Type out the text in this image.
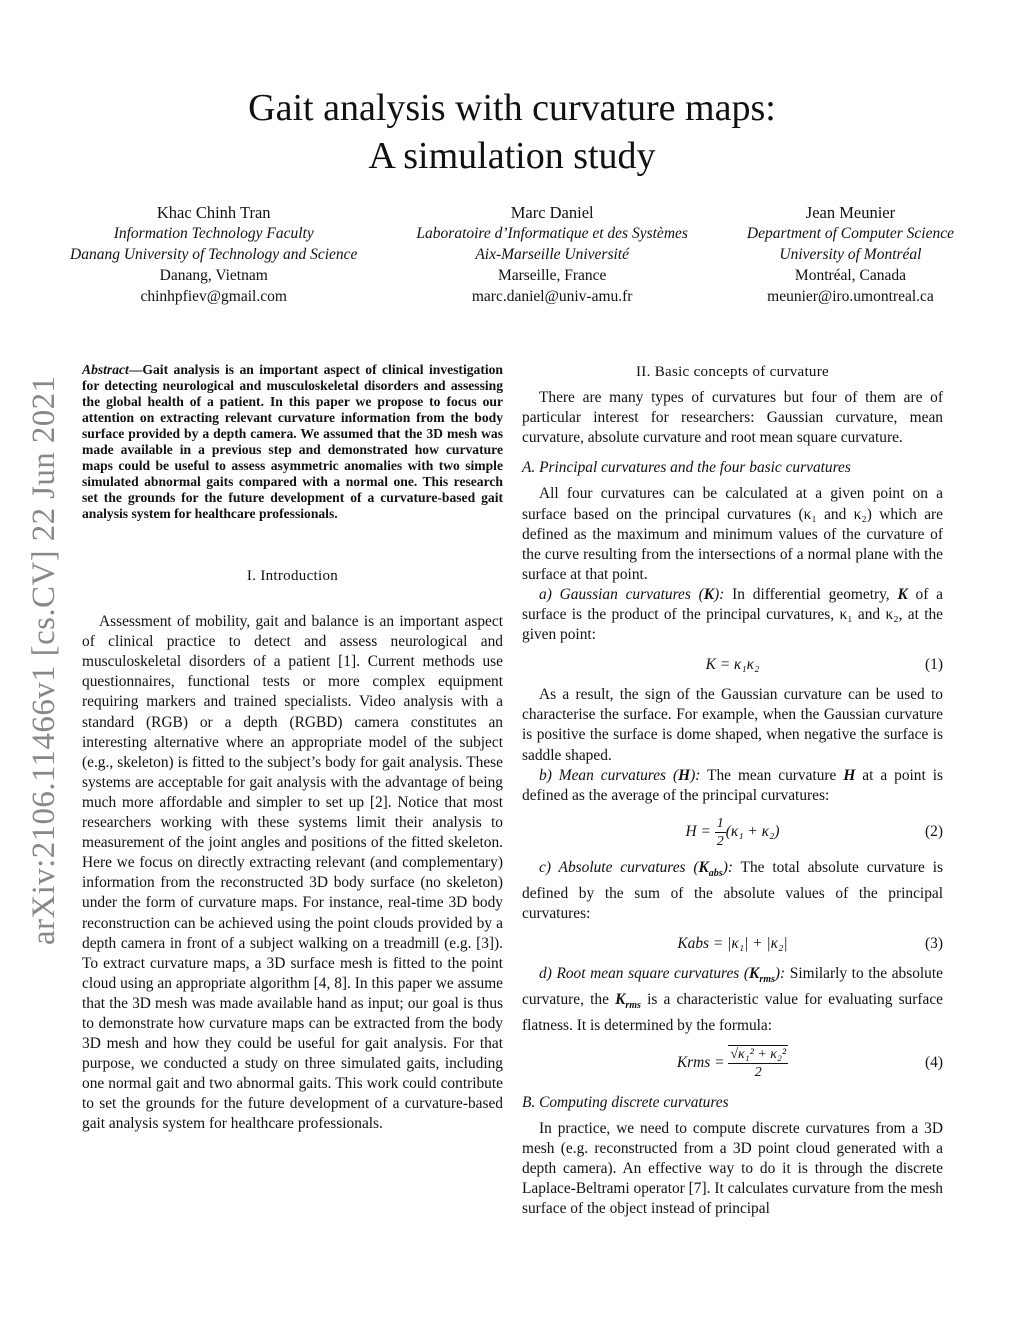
Gait analysis with curvature maps:
A simulation study
Khac Chinh Tran
Information Technology Faculty
Danang University of Technology and Science
Danang, Vietnam
chinhpfiev@gmail.com
Marc Daniel
Laboratoire d’Informatique et des Systèmes
Aix-Marseille Université
Marseille, France
marc.daniel@univ-amu.fr
Jean Meunier
Department of Computer Science
University of Montréal
Montréal, Canada
meunier@iro.umontreal.ca
arXiv:2106.11466v1 [cs.CV] 22 Jun 2021

Abstract—Gait analysis is an important aspect of clinical investigation for detecting neurological and musculoskeletal disorders and assessing the global health of a patient. In this paper we propose to focus our attention on extracting relevant curvature information from the body surface provided by a depth camera. We assumed that the 3D mesh was made available in a previous step and demonstrated how curvature maps could be useful to assess asymmetric anomalies with two simple simulated abnormal gaits compared with a normal one. This research set the grounds for the future development of a curvature-based gait analysis system for healthcare professionals.

I. Introduction

Assessment of mobility, gait and balance is an important aspect of clinical practice to detect and assess neurological and musculoskeletal disorders of a patient [1]. Current methods use questionnaires, functional tests or more complex equipment requiring markers and trained specialists. Video analysis with a standard (RGB) or a depth (RGBD) camera constitutes an interesting alternative where an appropriate model of the subject (e.g., skeleton) is fitted to the subject’s body for gait analysis. These systems are acceptable for gait analysis with the advantage of being much more affordable and simpler to set up [2]. Notice that most researchers working with these systems limit their analysis to measurement of the joint angles and positions of the fitted skeleton. Here we focus on directly extracting relevant (and complementary) information from the reconstructed 3D body surface (no skeleton) under the form of curvature maps. For instance, real-time 3D body reconstruction can be achieved using the point clouds provided by a depth camera in front of a subject walking on a treadmill (e.g. [3]). To extract curvature maps, a 3D surface mesh is fitted to the point cloud using an appropriate algorithm [4, 8]. In this paper we assume that the 3D mesh was made available hand as input; our goal is thus to demonstrate how curvature maps can be extracted from the body 3D mesh and how they could be useful for gait analysis. For that purpose, we conducted a study on three simulated gaits, including one normal gait and two abnormal gaits. This work could contribute to set the grounds for the future development of a curvature-based gait analysis system for healthcare professionals.

II. Basic concepts of curvature

There are many types of curvatures but four of them are of particular interest for researchers: Gaussian curvature, mean curvature, absolute curvature and root mean square curvature.

A. Principal curvatures and the four basic curvatures

All four curvatures can be calculated at a given point on a surface based on the principal curvatures (κ₁ and κ₂) which are defined as the maximum and minimum values of the curvature of the curve resulting from the intersections of a normal plane with the surface at that point.

a) Gaussian curvatures (K): In differential geometry, K of a surface is the product of the principal curvatures, κ₁ and κ₂, at the given point:

K = κ₁κ₂	(1)

As a result, the sign of the Gaussian curvature can be used to characterise the surface. For example, when the Gaussian curvature is positive the surface is dome shaped, when negative the surface is saddle shaped.

b) Mean curvatures (H): The mean curvature H at a point is defined as the average of the principal curvatures:

$H = \frac{1}{2} (\kappa_1 + \kappa_2)$	(2)

c) Absolute curvatures $(K_{abs})$: The total absolute curvature is defined by the sum of the absolute values of the principal curvatures:

Kabs = |κ₁| + |κ₂|	(3)

d) Root mean square curvatures $(K_{rms})$: Similarly to the absolute curvature, the $K_{rms}$ is a characteristic value for evaluating surface flatness. It is determined by the formula:

Krms = $\frac{\text{√κ₁² + κ₂²}}{2}$	(4)
B. Computing discrete curvatures

In practice, we need to compute discrete curvatures from a 3D mesh (e.g. reconstructed from a 3D point cloud generated with a depth camera). An effective way to do it is through the discrete Laplace-Beltrami operator [7]. It calculates curvature from the mesh surface of the object instead of principal
